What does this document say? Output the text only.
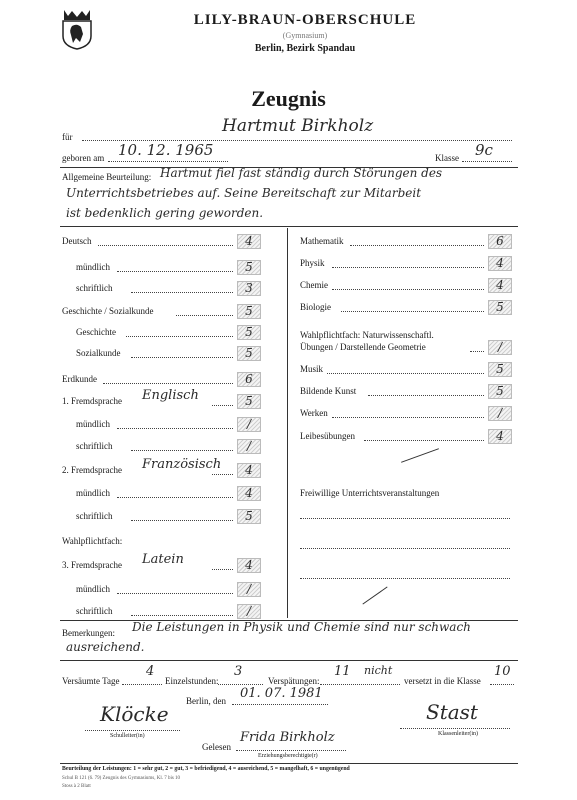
LILY-BRAUN-OBERSCHULE
(Gymnasium)
Berlin, Bezirk Spandau
Zeugnis
für
Hartmut Birkholz
geboren am 10. 12. 1965	Klasse 9c
Allgemeine Beurteilung: Hartmut fiel fast ständig durch Störungen des
Unterrichtsbetriebes auf. Seine Bereitschaft zur Mitarbeit
ist bedenklich gering geworden.
Deutsch	4
mündlich	5
schriftlich	3
Geschichte / Sozialkunde	5
Geschichte	5
Sozialkunde	5
Erdkunde	6
1. Fremdsprache Englisch	5
mündlich	/
schriftlich	/
2. Fremdsprache Französisch	4
mündlich	4
schriftlich	5
Wahlpflichtfach:
3. Fremdsprache Latein	4
mündlich	/
schriftlich	/
Mathematik	6
Physik	4
Chemie	4
Biologie	5
Wahlpflichtfach: Naturwissenschaftl.
Übungen / Darstellende Geometrie	/
Musik	5
Bildende Kunst	5
Werken	/
Leibesübungen	4
Freiwillige Unterrichtsveranstaltungen
Bemerkungen: Die Leistungen in Physik und Chemie sind nur schwach
ausreichend.
Versäumte Tage
4
Einzelstunden:
3
Verspätungen:
11 nicht
versetzt in die Klasse
10
Berlin, den 01. 07. 1981
Klöcke
Schulleiter(in)
Stast
Klassenleiter(in)
Gelesen
Frida Birkholz
Erziehungsberechtigte(r)
Beurteilung der Leistungen: 1 = sehr gut, 2 = gut, 3 = befriedigend, 4 = ausreichend, 5 = mangelhaft, 6 = ungenügend
Schul B 121 (6. 79) Zeugnis des Gymnasiums, Kl. 7 bis 10
Stoss à 2 Blatt
